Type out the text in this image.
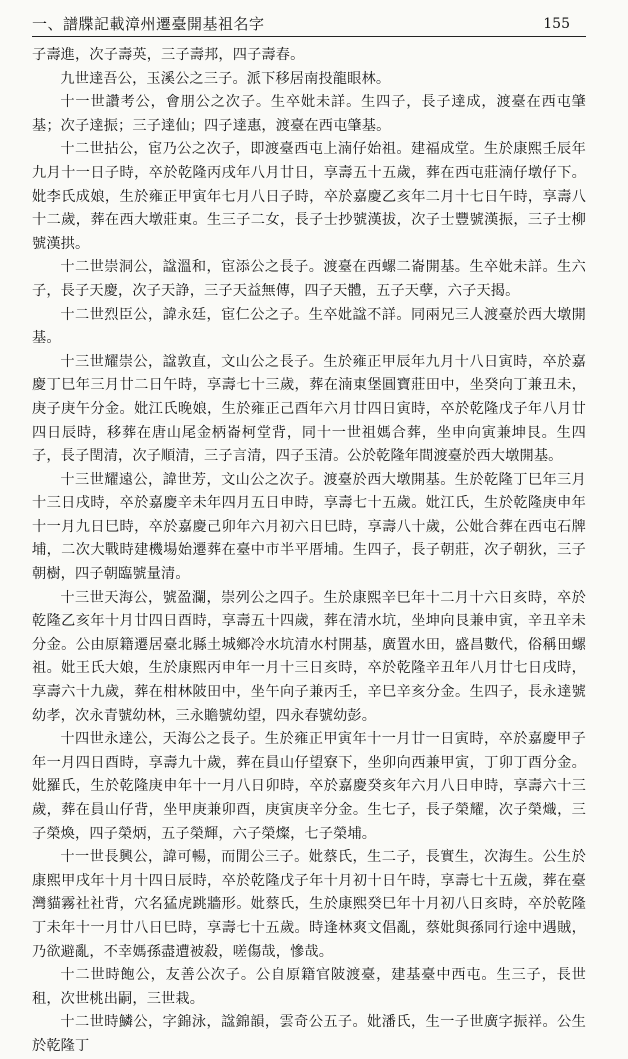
一、譜牒記載漳州遷臺開基祖名字	155

子壽進，次子壽英，三子壽邦，四子壽春。

九世達吾公，玉溪公之三子。派下移居南投龍眼林。

十一世讚考公，會朋公之次子。生卒妣未詳。生四子，長子達成，渡臺在西屯肇基；次子達振；三子達仙；四子達惠，渡臺在西屯肇基。

十二世拈公，宦乃公之次子，即渡臺西屯上湳仔始祖。建福成堂。生於康熙壬辰年九月十一日子時，卒於乾隆丙戌年八月廿日，享壽五十五歲，葬在西屯莊湳仔墩仔下。妣李氏成娘，生於雍正甲寅年七月八日子時，卒於嘉慶乙亥年二月十七日午時，享壽八十二歲，葬在西大墩莊東。生三子二女，長子士抄號漢拔，次子士豐號漢振，三子士柳號漢拱。

十二世崇洞公，諡溫和，宦添公之長子。渡臺在西螺二崙開基。生卒妣未詳。生六子，長子天慶，次子天諍，三子天益無傳，四子天體，五子天孽，六子天揭。

十二世烈臣公，諱永廷，宦仁公之子。生卒妣諡不詳。同兩兄三人渡臺於西大墩開基。

十三世耀崇公，諡敦直，文山公之長子。生於雍正甲辰年九月十八日寅時，卒於嘉慶丁巳年三月廿二日午時，享壽七十三歲，葬在湳東堡圓寶莊田中，坐癸向丁兼丑未，庚子庚午分金。妣江氏晚娘，生於雍正己酉年六月廿四日寅時，卒於乾隆戊子年八月廿四日辰時，移葬在唐山尾金柄崙柯堂背，同十一世祖媽合葬，坐申向寅兼坤艮。生四子，長子閏清，次子順清，三子言清，四子玉清。公於乾隆年間渡臺於西大墩開基。

十三世耀遠公，諱世芳，文山公之次子。渡臺於西大墩開基。生於乾隆丁巳年三月十三日戌時，卒於嘉慶辛未年四月五日申時，享壽七十五歲。妣江氏，生於乾隆庚申年十一月九日巳時，卒於嘉慶己卯年六月初六日巳時，享壽八十歲，公妣合葬在西屯石牌埔，二次大戰時建機場始遷葬在臺中市半平厝埔。生四子，長子朝莊，次子朝狄，三子朝樹，四子朝臨號量清。

十三世天海公，號盈瀾，崇列公之四子。生於康熙辛巳年十二月十六日亥時，卒於乾隆乙亥年十月廿四日酉時，享壽五十四歲，葬在清水坑，坐坤向艮兼申寅，辛丑辛未分金。公由原籍遷居臺北縣土城鄉冷水坑清水村開基，廣置水田，盛昌數代，俗稱田螺祖。妣王氏大娘，生於康熙丙申年一月十三日亥時，卒於乾隆辛丑年八月廿七日戌時，享壽六十九歲，葬在柑林陂田中，坐午向子兼丙壬，辛巳辛亥分金。生四子，長永達號幼孝，次永青號幼林，三永贍號幼望，四永春號幼彭。

十四世永達公，天海公之長子。生於雍正甲寅年十一月廿一日寅時，卒於嘉慶甲子年一月四日酉時，享壽九十歲，葬在員山仔望寮下，坐卯向西兼甲寅，丁卯丁酉分金。妣羅氏，生於乾隆庚申年十一月八日卯時，卒於嘉慶癸亥年六月八日申時，享壽六十三歲，葬在員山仔背，坐甲庚兼卯酉，庚寅庚辛分金。生七子，長子榮耀，次子榮熾，三子榮煥，四子榮炳，五子榮輝，六子榮燦，七子榮埔。

十一世長興公，諱可暢，而閒公三子。妣蔡氏，生二子，長實生，次海生。公生於康熙甲戌年十月十四日辰時，卒於乾隆戊子年十月初十日午時，享壽七十五歲，葬在臺灣貓霧社社背，穴名猛虎跳牆形。妣蔡氏，生於康熙癸巳年十月初八日亥時，卒於乾隆丁未年十一月廿八日巳時，享壽七十五歲。時逢林爽文倡亂，蔡妣與孫同行途中遇賊，乃欲避亂，不幸媽孫盡遭被殺，嗟傷哉，慘哉。

十二世時飽公，友善公次子。公自原籍官陂渡臺，建基臺中西屯。生三子，長世租，次世桃出嗣，三世栽。

十二世時鱗公，字錦泳，諡錦韻，雲奇公五子。妣潘氏，生一子世廣字振祥。公生於乾隆丁
